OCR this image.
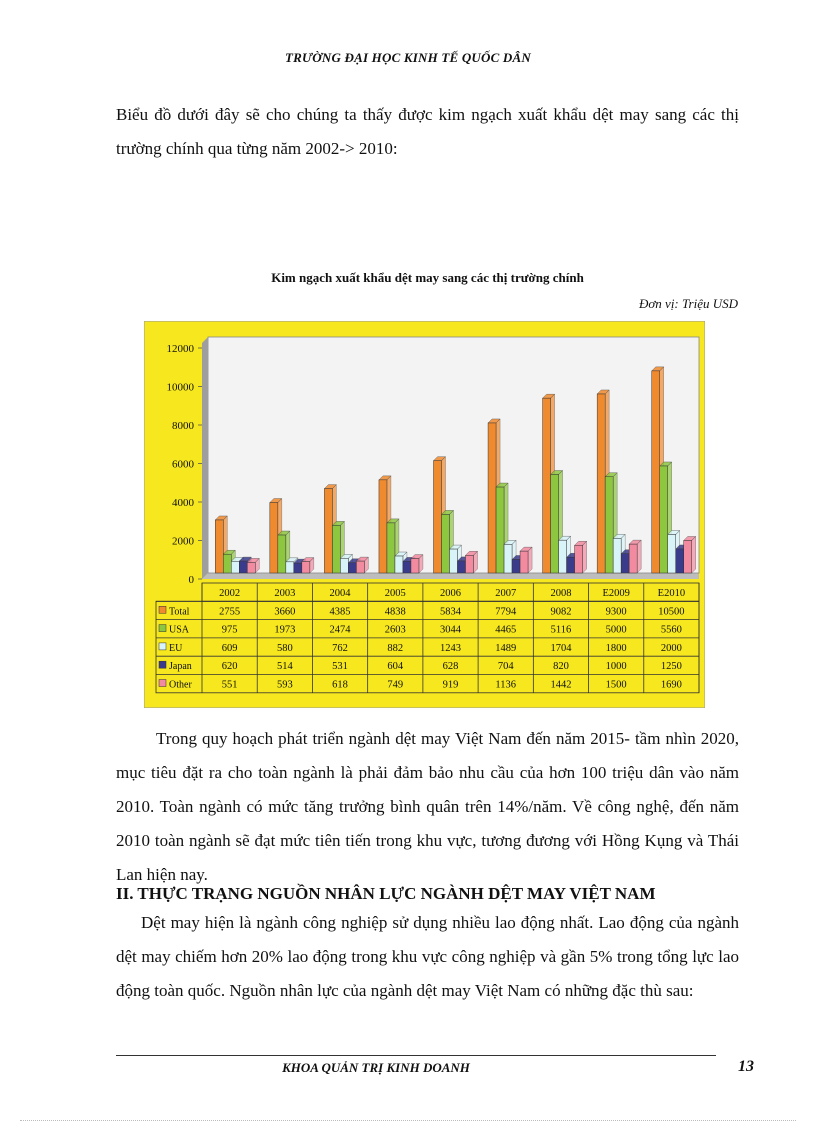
TRƯỜNG ĐẠI HỌC KINH TẾ QUỐC DÂN

Biểu đồ dưới đây sẽ cho chúng ta thấy được kim ngạch xuất khẩu dệt may sang các thị trường chính qua từng năm 2002-> 2010:

Kim ngạch xuất khẩu dệt may sang các thị trường chính
Đơn vị: Triệu USD
0
2000
4000
6000
8000
10000
12000
2002	2003	2004	2005	2006	2007	2008	E2009	E2010
Total	2755	3660	4385	4838	5834	7794	9082	9300	10500
USA	975	1973	2474	2603	3044	4465	5116	5000	5560
EU	609	580	762	882	1243	1489	1704	1800	2000
Japan	620	514	531	604	628	704	820	1000	1250
Other	551	593	618	749	919	1136	1442	1500	1690

Trong quy hoạch phát triển ngành dệt may Việt Nam đến năm 2015- tầm nhìn 2020, mục tiêu đặt ra cho toàn ngành là phải đảm bảo nhu cầu của hơn 100 triệu dân vào năm 2010. Toàn ngành có mức tăng trưởng bình quân trên 14%/năm. Về công nghệ, đến năm 2010 toàn ngành sẽ đạt mức tiên tiến trong khu vực, tương đương với Hồng Kụng và Thái Lan hiện nay.

II. THỰC TRẠNG NGUỒN NHÂN LỰC NGÀNH DỆT MAY VIỆT NAM

Dệt may hiện là ngành công nghiệp sử dụng nhiều lao động nhất. Lao động của ngành dệt may chiếm hơn 20% lao động trong khu vực công nghiệp và gần 5% trong tổng lực lao động toàn quốc. Nguồn nhân lực của ngành dệt may Việt Nam có những đặc thù sau:

KHOA QUẢN TRỊ KINH DOANH	13
